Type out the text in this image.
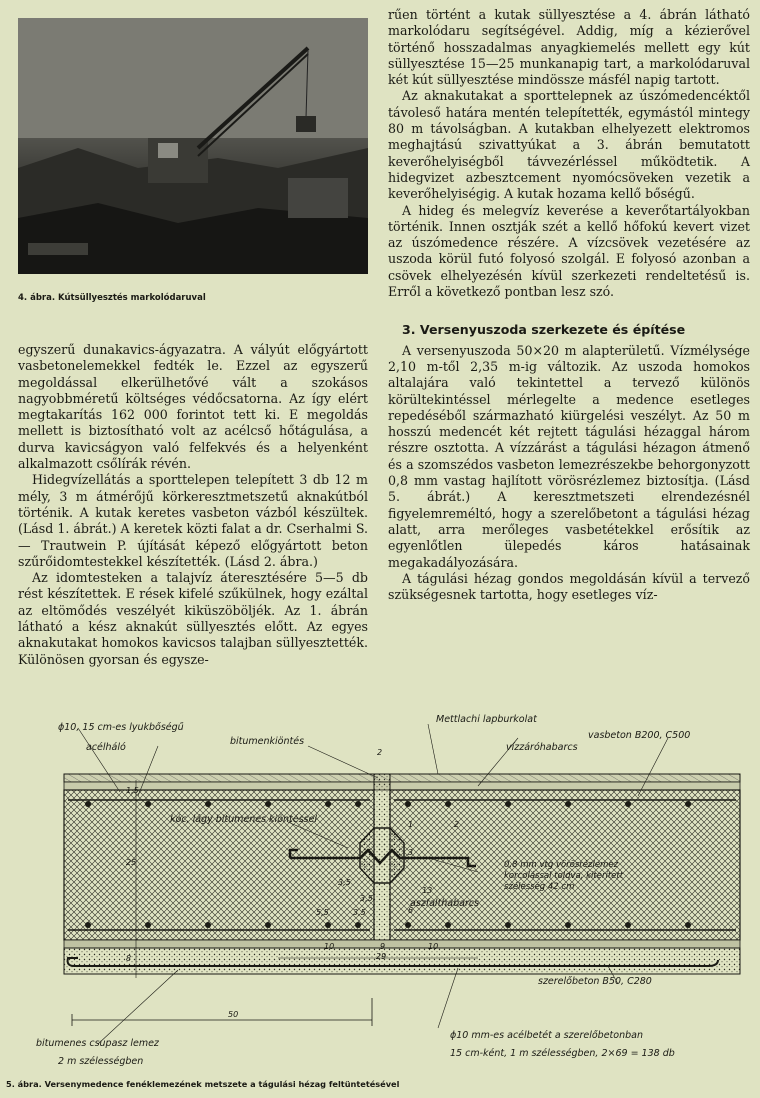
4. ábra. Kútsüllyesztés markolódaruval

egyszerű dunakavics-ágyazatra. A vályút előgyártott vasbetonelemekkel fedték le. Ezzel az egyszerű megoldással elkerülhetővé vált a szokásos nagyobbméretű költséges védőcsatorna. Az így elért megtakarítás 162 000 forintot tett ki. E megoldás mellett is biztosítható volt az acélcső hőtágulása, a durva kavicságyon való felfekvés és a helyenként alkalmazott csőlírák révén.

Hidegvízellátás a sporttelepen telepített 3 db 12 m mély, 3 m átmérőjű körkeresztmetszetű aknakútból történik. A kutak keretes vasbeton vázból készültek. (Lásd 1. ábrát.) A keretek közti falat a dr. Cserhalmi S. — Trautwein P. újítását képező előgyártott beton szűrőidomtestekkel készítették. (Lásd 2. ábra.)

Az idomtesteken a talajvíz áteresztésére 5—5 db rést készítettek. E rések kifelé szűkülnek, hogy ezáltal az eltömődés veszélyét kiküszöböljék. Az 1. ábrán látható a kész aknakút süllyesztés előtt. Az egyes aknakutakat homokos kavicsos talajban süllyesztették. Különösen gyorsan és egysze-

rűen történt a kutak süllyesztése a 4. ábrán látható markolódaru segítségével. Addig, míg a kézierővel történő hosszadalmas anyagkiemelés mellett egy kút süllyesztése 15—25 munkanapig tart, a markolódaruval két kút süllyesztése mindössze másfél napig tartott.

Az aknakutakat a sporttelepnek az úszómedencéktől távoleső határa mentén telepítették, egymástól mintegy 80 m távolságban. A kutakban elhelyezett elektromos meghajtású szivattyúkat a 3. ábrán bemutatott keverőhelyiségből távvezérléssel működtetik. A hidegvizet azbesztcement nyomócsöveken vezetik a keverőhelyiségig. A kutak hozama kellő bőségű.

A hideg és melegvíz keverése a keverőtartályokban történik. Innen osztják szét a kellő hőfokú kevert vizet az úszómedence részére. A vízcsövek vezetésére az uszoda körül futó folyosó szolgál. E folyosó azonban a csövek elhelyezésén kívül szerkezeti rendeltetésű is. Erről a következő pontban lesz szó.

3. Versenyuszoda szerkezete és építése

A versenyuszoda 50×20 m alapterületű. Vízmélysége 2,10 m-től 2,35 m-ig változik. Az uszoda homokos altalajára való tekintettel a tervező különös körültekintéssel mérlegelte a medence esetleges repedéséből származható kiürgelési veszélyt. Az 50 m hosszú medencét két rejtett tágulási hézaggal három részre osztotta. A vízzárást a tágulási hézagon átmenő és a szomszédos vasbeton lemezrészekbe behorgonyzott 0,8 mm vastag hajlított vörösrézlemez biztosítja. (Lásd 5. ábrát.) A keresztmetszeti elrendezésnél figyelemreméltó, hogy a szerelőbetont a tágulási hézag alatt, arra merőleges vasbetétekkel erősítik az egyenlőtlen ülepedés káros hatásainak megakadályozására.

A tágulási hézag gondos megoldásán kívül a tervező szükségesnek tartotta, hogy esetleges víz-

ϕ10, 15 cm-es lyukbőségű
acélháló
bitumenkiöntés
Mettlachi lapburkolat
vasbeton B200, C500
vízzáróhabarcs
kóc, lágy bitumenes kiöntéssel
0,8 mm vtg vörösrézlemez korcolással toldva, kiterített szélesség 42 cm
aszfalthabarcs
szerelőbeton B50, C280
bitumenes csupasz lemez
2 m szélességben
ϕ10 mm-es acélbetét a szerelőbetonban
15 cm-ként, 1 m szélességben, 2×69 = 138 db
2
1	2
1,5
25
8
3,5
5,5	3,5
3
13
3,5
6
10	9	10
29
50
5. ábra. Versenymedence fenéklemezének metszete a tágulási hézag feltüntetésével
